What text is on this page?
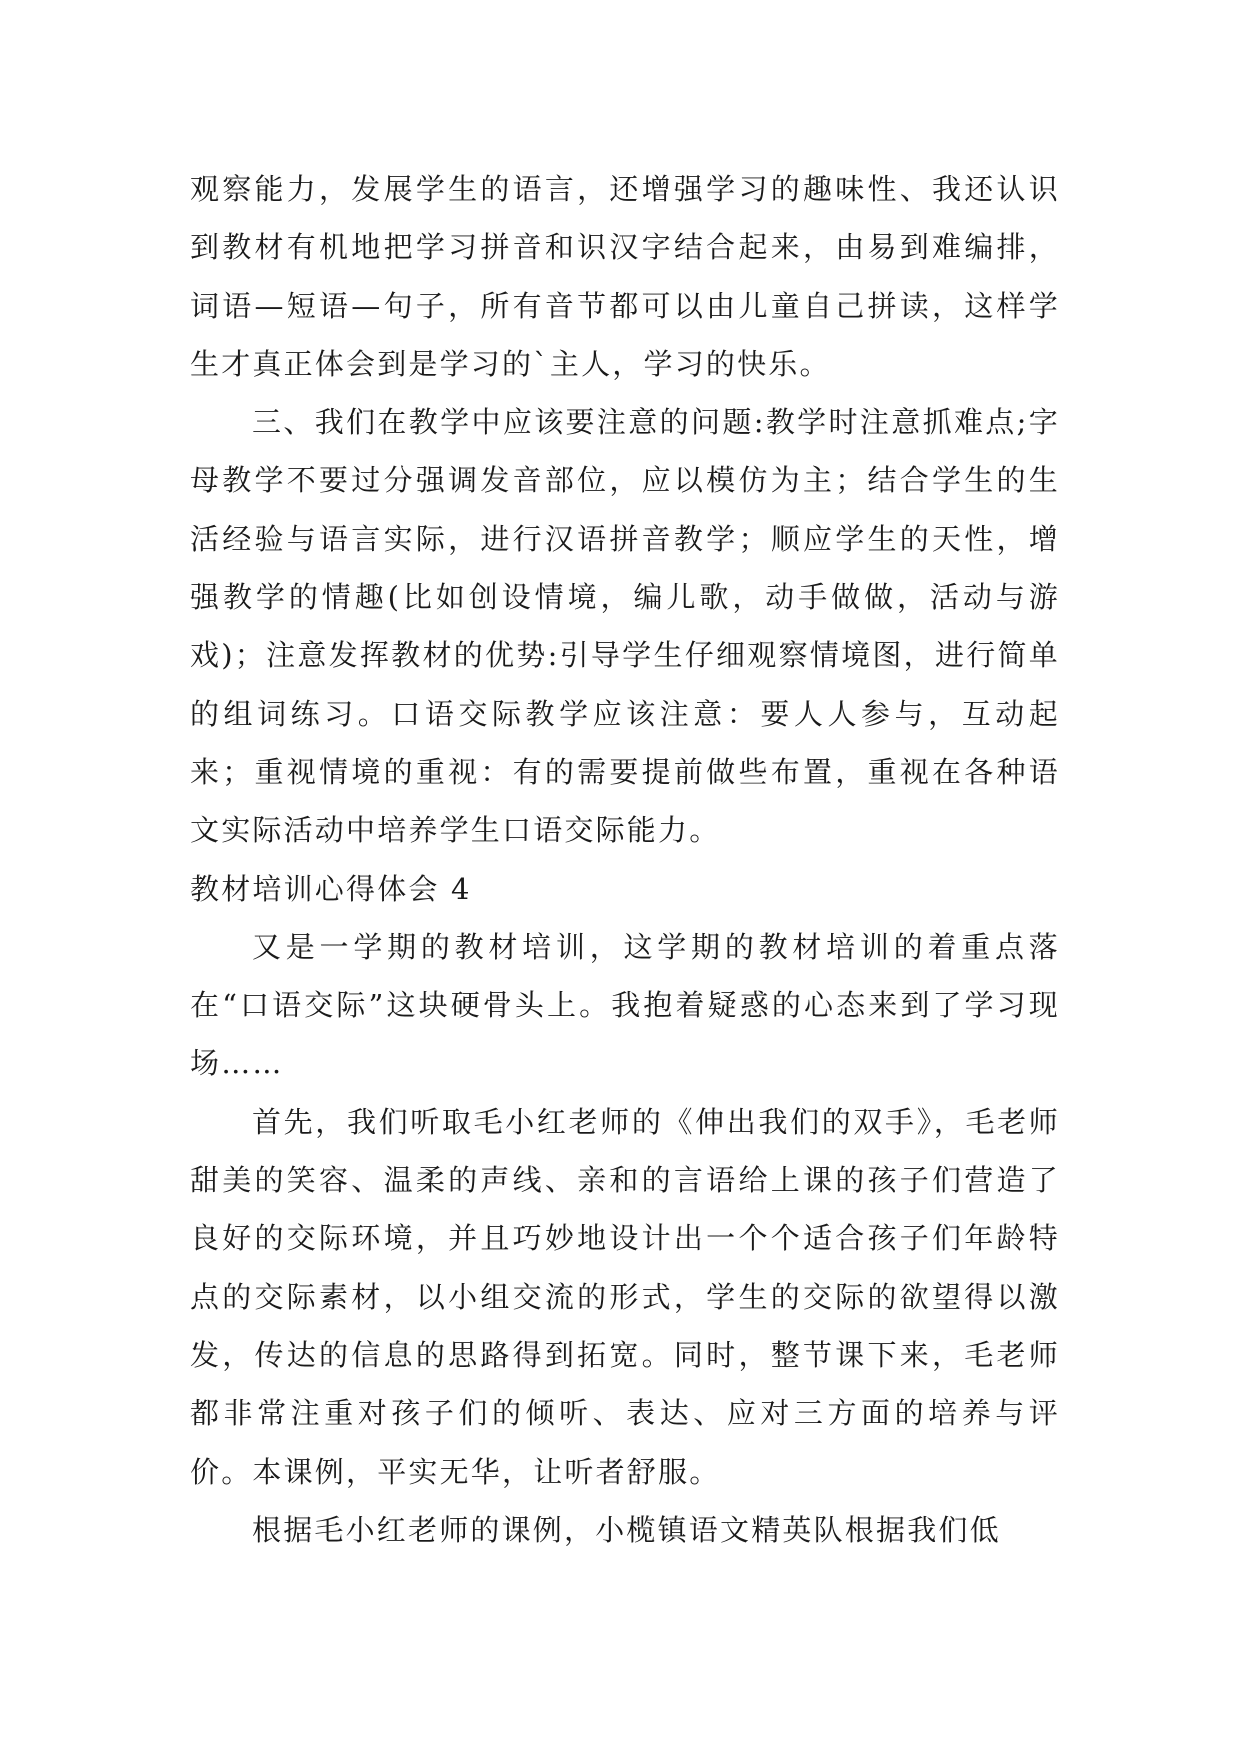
观察能力，发展学生的语言，还增强学习的趣味性、我还认识到教材有机地把学习拼音和识汉字结合起来，由易到难编排，词语—短语—句子，所有音节都可以由儿童自己拼读，这样学生才真正体会到是学习的`主人，学习的快乐。

三、我们在教学中应该要注意的问题:教学时注意抓难点;字母教学不要过分强调发音部位，应以模仿为主；结合学生的生活经验与语言实际，进行汉语拼音教学；顺应学生的天性，增强教学的情趣(比如创设情境，编儿歌，动手做做，活动与游戏)；注意发挥教材的优势:引导学生仔细观察情境图，进行简单的组词练习。口语交际教学应该注意：要人人参与，互动起来；重视情境的重视：有的需要提前做些布置，重视在各种语文实际活动中培养学生口语交际能力。

教材培训心得体会 4

又是一学期的教材培训，这学期的教材培训的着重点落在“口语交际”这块硬骨头上。我抱着疑惑的心态来到了学习现场……

首先，我们听取毛小红老师的《伸出我们的双手》，毛老师甜美的笑容、温柔的声线、亲和的言语给上课的孩子们营造了良好的交际环境，并且巧妙地设计出一个个适合孩子们年龄特点的交际素材，以小组交流的形式，学生的交际的欲望得以激发，传达的信息的思路得到拓宽。同时，整节课下来，毛老师都非常注重对孩子们的倾听、表达、应对三方面的培养与评价。本课例，平实无华，让听者舒服。

根据毛小红老师的课例，小榄镇语文精英队根据我们低
